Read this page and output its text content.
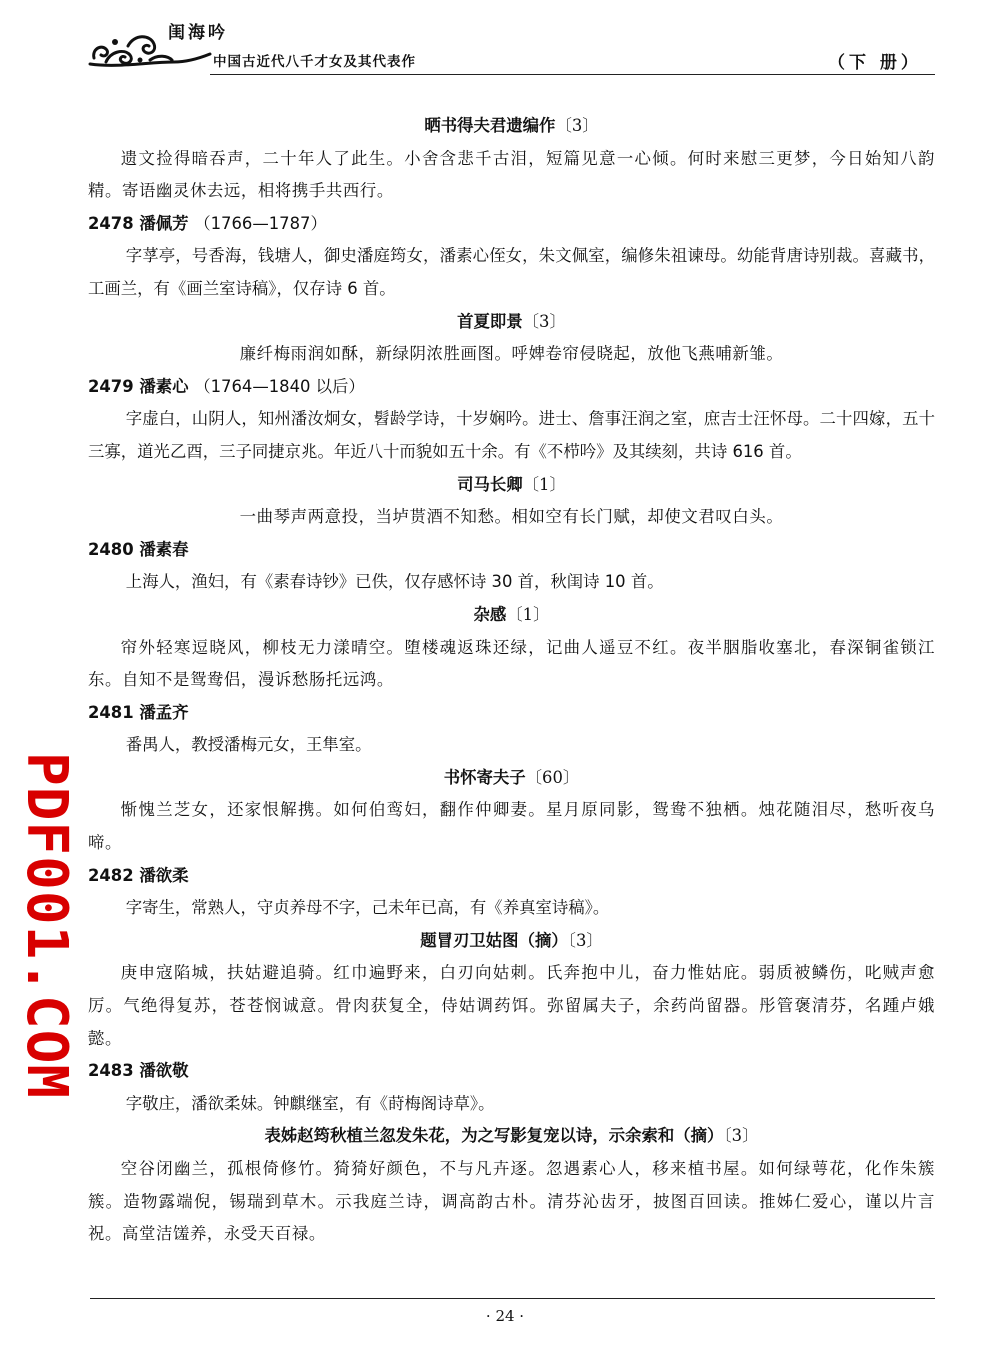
闺海吟
中国古近代八千才女及其代表作	（下 册）
晒书得夫君遗编作〔3〕

遗文捡得暗吞声，二十年人了此生。小舍含悲千古泪，短篇见意一心倾。何时来慰三更梦，今日始知八韵精。寄语幽灵休去远，相将携手共西行。

2478 潘佩芳 （1766—1787）

字莩亭，号香海，钱塘人，御史潘庭筠女，潘素心侄女，朱文佩室，编修朱祖谏母。幼能背唐诗别裁。喜藏书，工画兰，有《画兰室诗稿》，仅存诗 6 首。

首夏即景〔3〕

廉纤梅雨润如酥，新绿阴浓胜画图。呼婢卷帘侵晓起，放他飞燕哺新雏。

2479 潘素心 （1764—1840 以后）

字虚白，山阴人，知州潘汝炯女，髫龄学诗，十岁娴吟。进士、詹事汪润之室，庶吉士汪怀母。二十四嫁，五十三寡，道光乙酉，三子同捷京兆。年近八十而貌如五十余。有《不栉吟》及其续刻，共诗 616 首。

司马长卿〔1〕

一曲琴声两意投，当垆贳酒不知愁。相如空有长门赋，却使文君叹白头。

2480 潘素春

上海人，渔妇，有《素春诗钞》已佚，仅存感怀诗 30 首，秋闺诗 10 首。

杂感〔1〕

帘外轻寒逗晓风，柳枝无力漾晴空。堕楼魂返珠还绿，记曲人遥豆不红。夜半胭脂收塞北，春深铜雀锁江东。自知不是鸳鸯侣，漫诉愁肠托远鸿。

2481 潘孟齐

番禺人，教授潘梅元女，王隼室。

书怀寄夫子〔60〕

惭愧兰芝女，还家恨解携。如何伯鸾妇，翻作仲卿妻。星月原同影，鸳鸯不独栖。烛花随泪尽，愁听夜乌啼。

2482 潘欲柔

字寄生，常熟人，守贞养母不字，己未年已高，有《养真室诗稿》。

题冒刃卫姑图（摘）〔3〕

庚申寇陷城，扶姑避追骑。红巾遍野来，白刃向姑刺。氏奔抱中儿，奋力惟姑庇。弱质被鳞伤，叱贼声愈厉。气绝得复苏，苍苍悯诚意。骨肉获复全，侍姑调药饵。弥留属夫子，余药尚留器。彤管褒清芬，名踵卢娥懿。

2483 潘欲敬

字敬庄，潘欲柔妹。钟麒继室，有《莳梅阁诗草》。

表姊赵筠秋植兰忽发朱花，为之写影复宠以诗，示余索和（摘）〔3〕

空谷闭幽兰，孤根倚修竹。猗猗好颜色，不与凡卉逐。忽遇素心人，移来植书屋。如何绿萼花，化作朱簇簇。造物露端倪，锡瑞到草木。示我庭兰诗，调高韵古朴。清芬沁齿牙，披图百回读。推姊仁爱心，谨以片言祝。高堂洁馐养，永受天百禄。

PDF001.COM
· 24 ·
